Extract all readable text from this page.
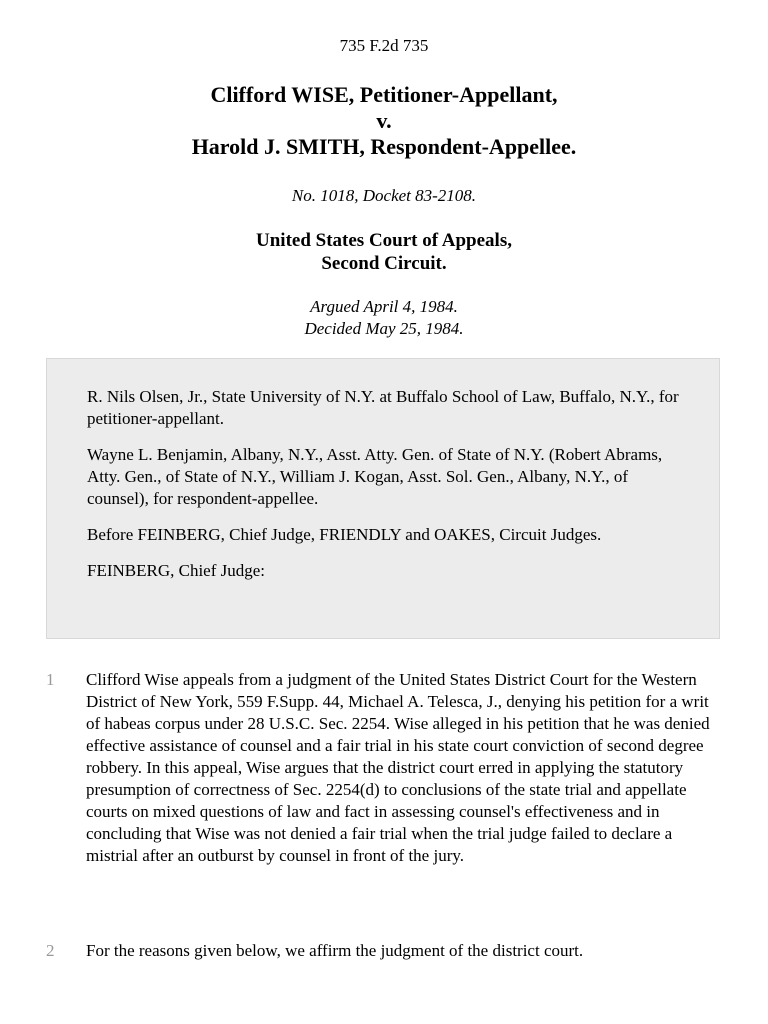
735 F.2d 735
Clifford WISE, Petitioner-Appellant,
v.
Harold J. SMITH, Respondent-Appellee.
No. 1018, Docket 83-2108.
United States Court of Appeals,
Second Circuit.
Argued April 4, 1984.
Decided May 25, 1984.

R. Nils Olsen, Jr., State University of N.Y. at Buffalo School of Law, Buffalo, N.Y., for petitioner-appellant.

Wayne L. Benjamin, Albany, N.Y., Asst. Atty. Gen. of State of N.Y. (Robert Abrams, Atty. Gen., of State of N.Y., William J. Kogan, Asst. Sol. Gen., Albany, N.Y., of counsel), for respondent-appellee.

Before FEINBERG, Chief Judge, FRIENDLY and OAKES, Circuit Judges.

FEINBERG, Chief Judge:

1 Clifford Wise appeals from a judgment of the United States District Court for the Western District of New York, 559 F.Supp. 44, Michael A. Telesca, J., denying his petition for a writ of habeas corpus under 28 U.S.C. Sec. 2254. Wise alleged in his petition that he was denied effective assistance of counsel and a fair trial in his state court conviction of second degree robbery. In this appeal, Wise argues that the district court erred in applying the statutory presumption of correctness of Sec. 2254(d) to conclusions of the state trial and appellate courts on mixed questions of law and fact in assessing counsel's effectiveness and in concluding that Wise was not denied a fair trial when the trial judge failed to declare a mistrial after an outburst by counsel in front of the jury.
2 For the reasons given below, we affirm the judgment of the district court.
